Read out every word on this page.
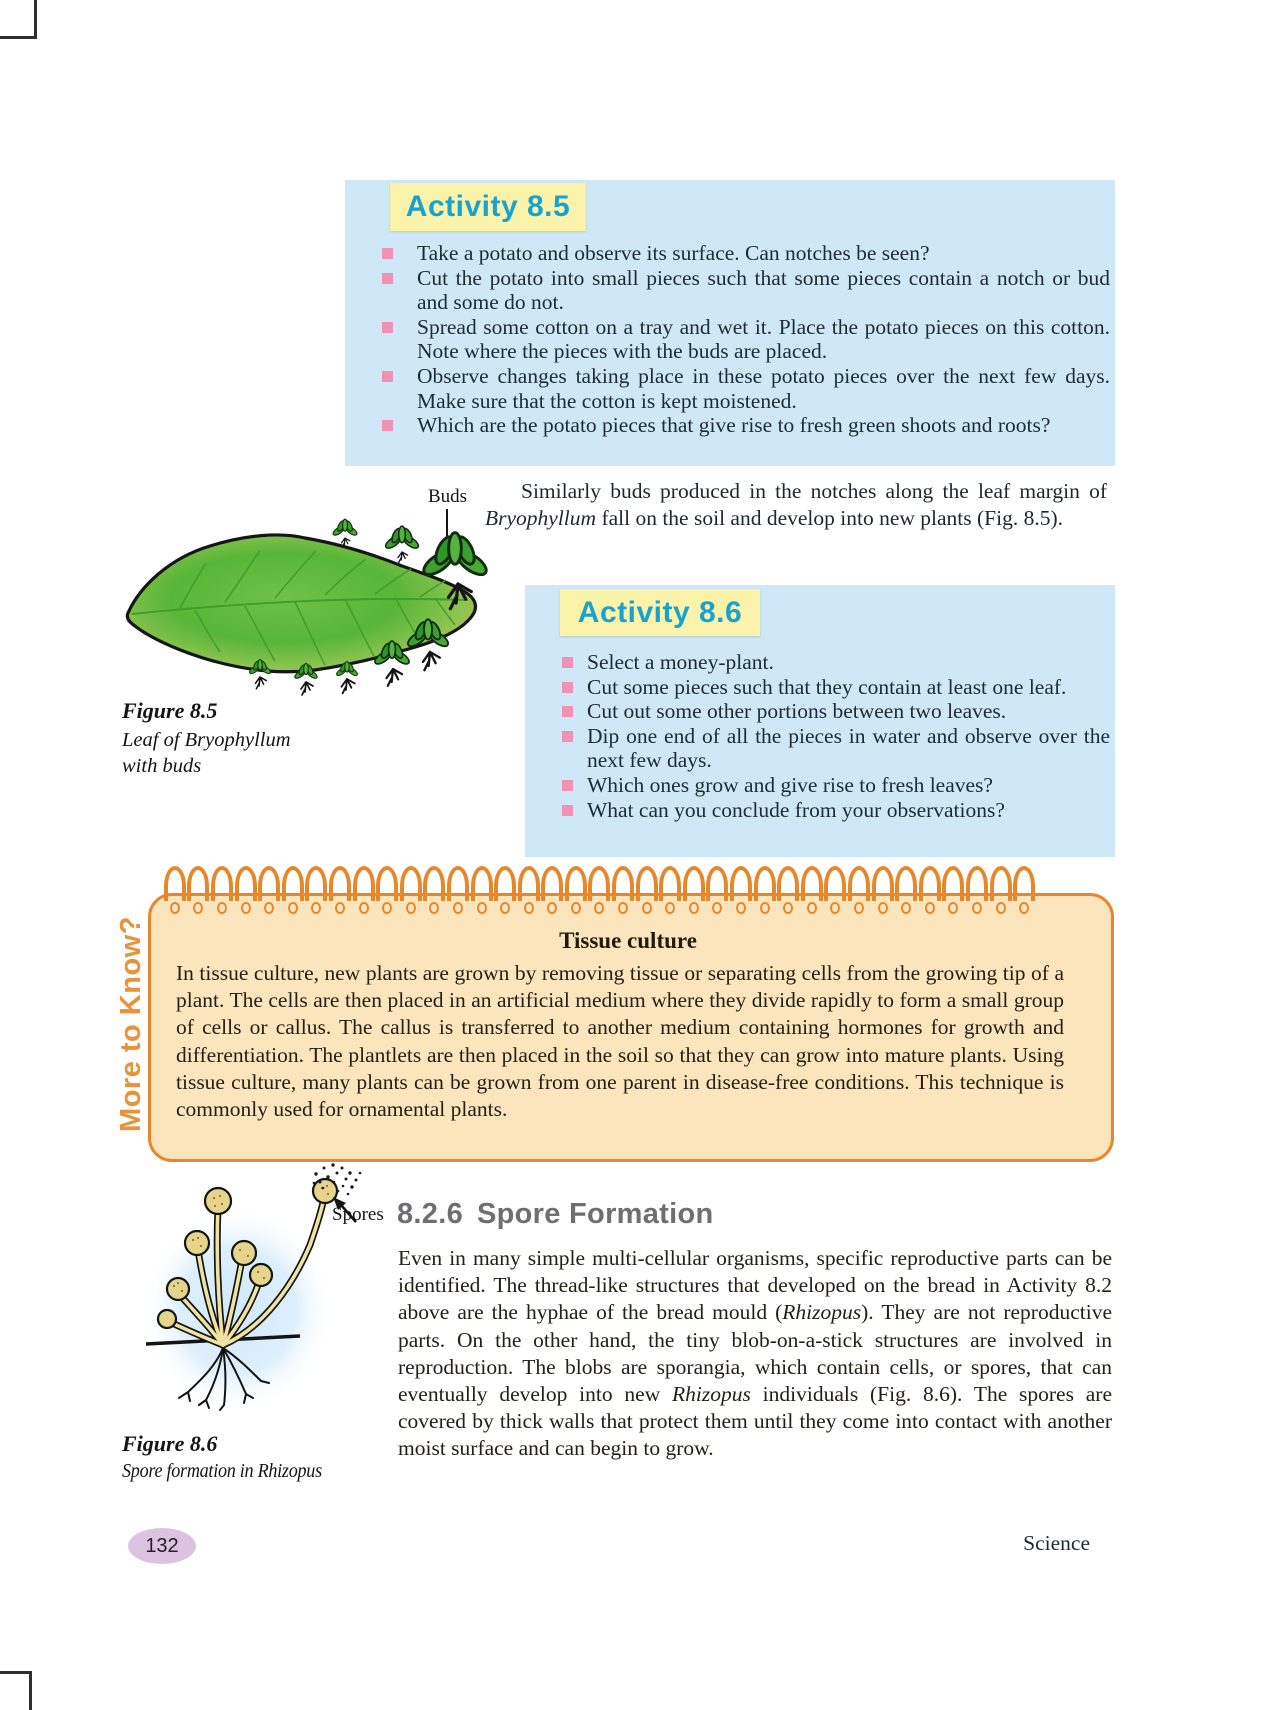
Activity 8.5
Take a potato and observe its surface. Can notches be seen?
Cut the potato into small pieces such that some pieces contain a notch or bud and some do not.
Spread some cotton on a tray and wet it. Place the potato pieces on this cotton. Note where the pieces with the buds are placed.
Observe changes taking place in these potato pieces over the next few days. Make sure that the cotton is kept moistened.
Which are the potato pieces that give rise to fresh green shoots and roots?

Similarly buds produced in the notches along the leaf margin of Bryophyllum fall on the soil and develop into new plants (Fig. 8.5).

Buds
Figure 8.5
Leaf of Bryophyllum
with buds
Activity 8.6
Select a money-plant.
Cut some pieces such that they contain at least one leaf.
Cut out some other portions between two leaves.
Dip one end of all the pieces in water and observe over the next few days.
Which ones grow and give rise to fresh leaves?
What can you conclude from your observations?
More to Know?	Tissue culture
In tissue culture, new plants are grown by removing tissue or separating cells from the growing tip of a plant. The cells are then placed in an artificial medium where they divide rapidly to form a small group of cells or callus. The callus is transferred to another medium containing hormones for growth and differentiation. The plantlets are then placed in the soil so that they can grow into mature plants. Using tissue culture, many plants can be grown from one parent in disease-free conditions. This technique is commonly used for ornamental plants.
8.2.6 Spore Formation

Even in many simple multi-cellular organisms, specific reproductive parts can be identified. The thread-like structures that developed on the bread in Activity 8.2 above are the hyphae of the bread mould (Rhizopus). They are not reproductive parts. On the other hand, the tiny blob-on-a-stick structures are involved in reproduction. The blobs are sporangia, which contain cells, or spores, that can eventually develop into new Rhizopus individuals (Fig. 8.6). The spores are covered by thick walls that protect them until they come into contact with another moist surface and can begin to grow.

Spores
Figure 8.6
Spore formation in Rhizopus
132	Science
